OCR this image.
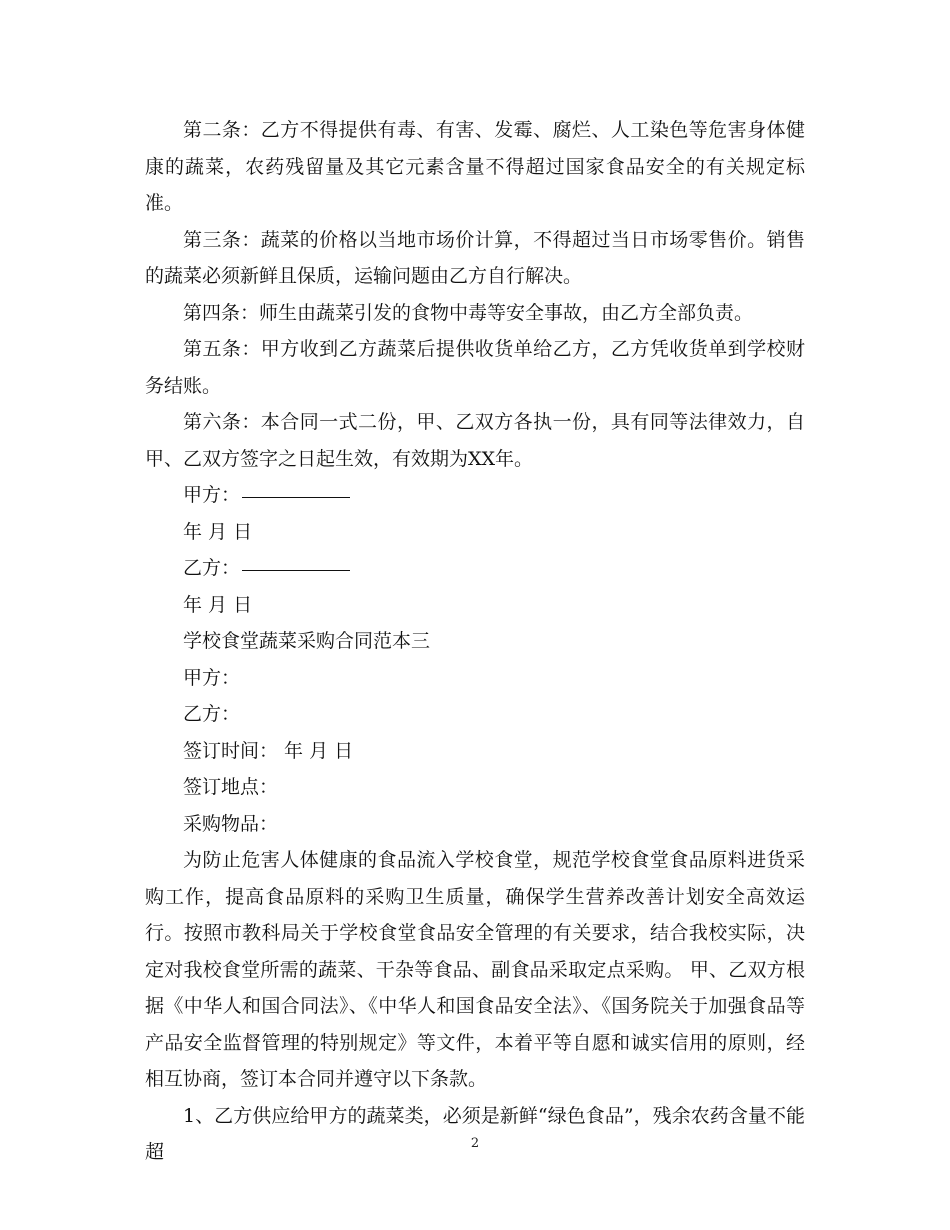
第二条：乙方不得提供有毒、有害、发霉、腐烂、人工染色等危害身体健康的蔬菜，农药残留量及其它元素含量不得超过国家食品安全的有关规定标准。

第三条：蔬菜的价格以当地市场价计算，不得超过当日市场零售价。销售的蔬菜必须新鲜且保质，运输问题由乙方自行解决。

第四条：师生由蔬菜引发的食物中毒等安全事故，由乙方全部负责。

第五条：甲方收到乙方蔬菜后提供收货单给乙方，乙方凭收货单到学校财务结账。

第六条：本合同一式二份，甲、乙双方各执一份，具有同等法律效力，自甲、乙双方签字之日起生效，有效期为XX年。

甲方：
年 月 日
乙方：
年 月 日
学校食堂蔬菜采购合同范本三
甲方：
乙方：
签订时间： 年 月 日
签订地点：
采购物品：

为防止危害人体健康的食品流入学校食堂，规范学校食堂食品原料进货采购工作，提高食品原料的采购卫生质量，确保学生营养改善计划安全高效运行。按照市教科局关于学校食堂食品安全管理的有关要求，结合我校实际，决定对我校食堂所需的蔬菜、干杂等食品、副食品采取定点采购。 甲、乙双方根据《中华人和国合同法》、《中华人和国食品安全法》、《国务院关于加强食品等产品安全监督管理的特别规定》等文件，本着平等自愿和诚实信用的原则，经相互协商，签订本合同并遵守以下条款。

1、乙方供应给甲方的蔬菜类，必须是新鲜“绿色食品”，残余农药含量不能超	2
